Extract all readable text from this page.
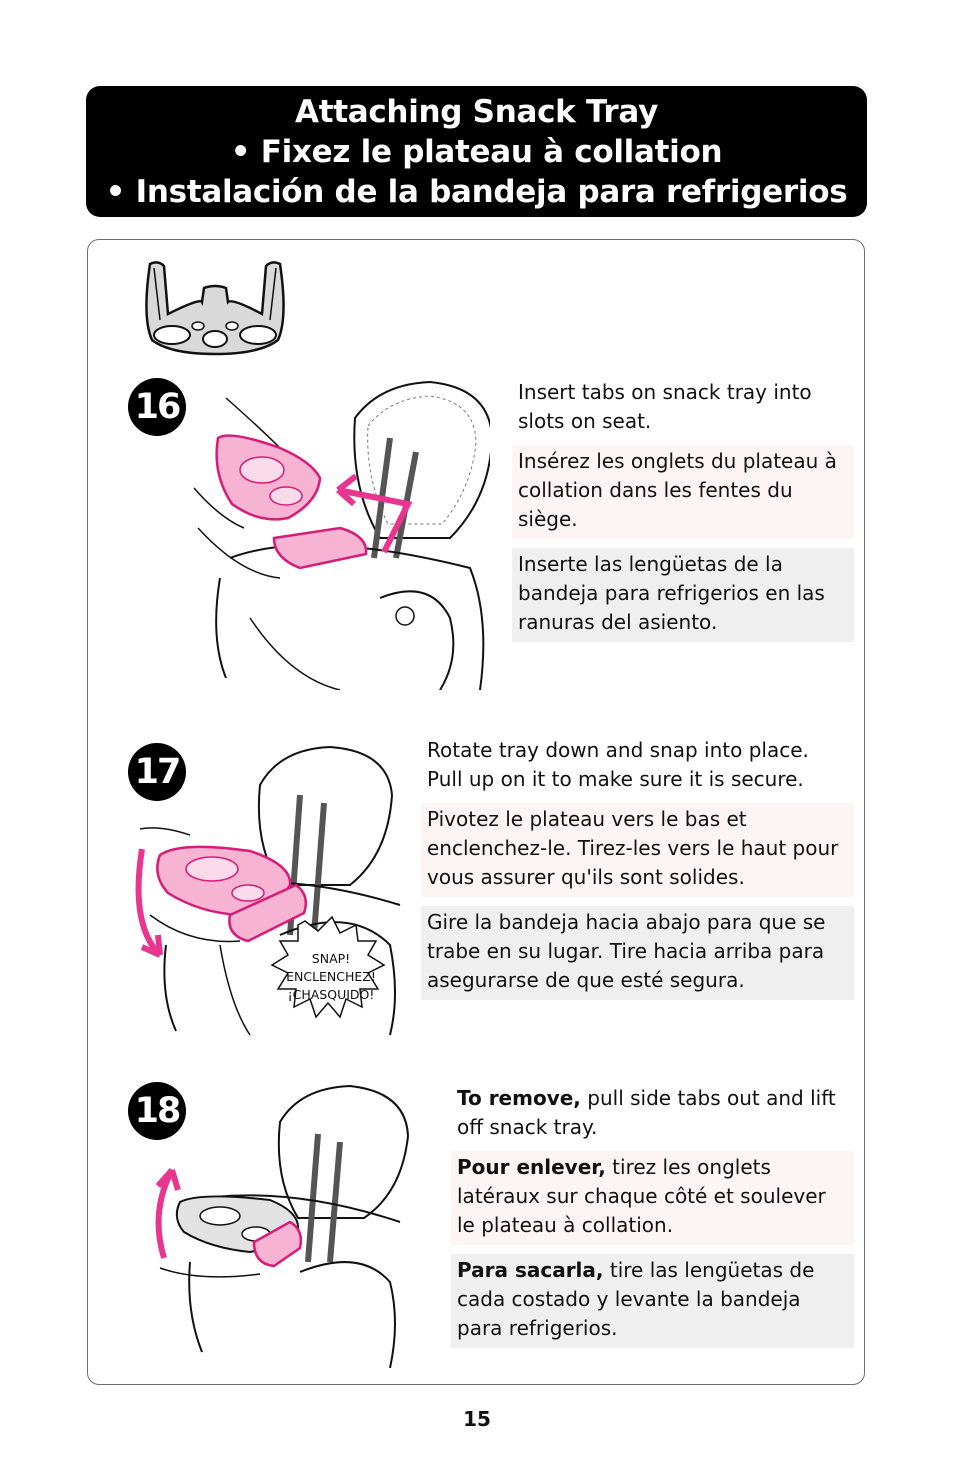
Attaching Snack Tray
• Fixez le plateau à collation
• Instalación de la bandeja para refrigerios
16	Insert tabs on snack tray into slots on seat.
Insérez les onglets du plateau à collation dans les fentes du siège.
Inserte las lengüetas de la bandeja para refrigerios en las ranuras del asiento.
17
SNAP!
ENCLENCHEZ!
¡CHASQUIDO!
Rotate tray down and snap into place. Pull up on it to make sure it is secure.
Pivotez le plateau vers le bas et enclenchez-le. Tirez-les vers le haut pour vous assurer qu'ils sont solides.
Gire la bandeja hacia abajo para que se trabe en su lugar. Tire hacia arriba para asegurarse de que esté segura.
18	To remove, pull side tabs out and lift off snack tray.
Pour enlever, tirez les onglets latéraux sur chaque côté et soulever le plateau à collation.
Para sacarla, tire las lengüetas de cada costado y levante la bandeja para refrigerios.
15
